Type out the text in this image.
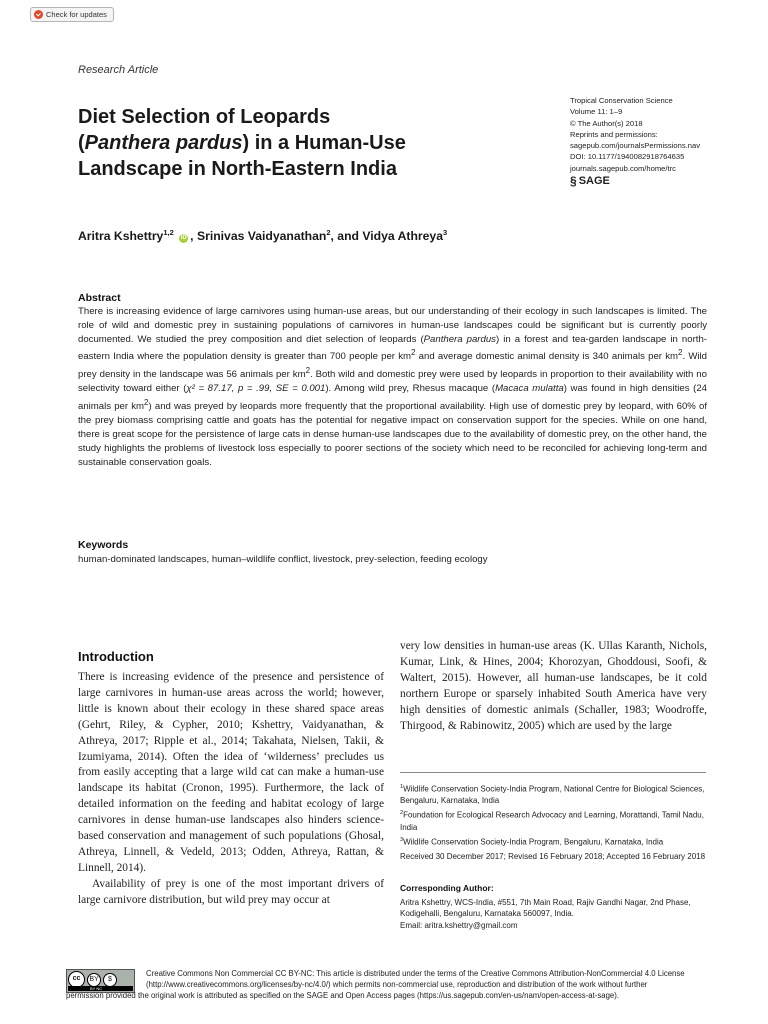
Check for updates
Research Article
Diet Selection of Leopards
(Panthera pardus) in a Human-Use
Landscape in North-Eastern India
Tropical Conservation Science
Volume 11: 1–9
© The Author(s) 2018
Reprints and permissions:
sagepub.com/journalsPermissions.nav
DOI: 10.1177/1940082918764635
journals.sagepub.com/home/trc
§ SAGE
Aritra Kshettry$^{1,2}$ iD , Srinivas Vaidyanathan$^2$, and Vidya Athreya$^3$
Abstract
There is increasing evidence of large carnivores using human-use areas, but our understanding of their ecology in such landscapes is limited. The role of wild and domestic prey in sustaining populations of carnivores in human-use landscapes could be significant but is currently poorly documented. We studied the prey composition and diet selection of leopards (Panthera pardus) in a forest and tea-garden landscape in north-eastern India where the population density is greater than 700 people per $km^2$ and average domestic animal density is 340 animals per $km^2$. Wild prey density in the landscape was 56 animals per $km^2$. Both wild and domestic prey were used by leopards in proportion to their availability with no selectivity toward either (χ² = 87.17, p = .99, SE = 0.001). Among wild prey, Rhesus macaque (Macaca mulatta) was found in high densities (24 animals per $km^2$) and was preyed by leopards more frequently that the proportional availability. High use of domestic prey by leopard, with 60% of the prey biomass comprising cattle and goats has the potential for negative impact on conservation support for the species. While on one hand, there is great scope for the persistence of large cats in dense human-use landscapes due to the availability of domestic prey, on the other hand, the study highlights the problems of livestock loss especially to poorer sections of the society which need to be reconciled for achieving long-term and sustainable conservation goals.
Keywords
human-dominated landscapes, human–wildlife conflict, livestock, prey-selection, feeding ecology
Introduction
There is increasing evidence of the presence and persistence of large carnivores in human-use areas across the world; however, little is known about their ecology in these shared space areas (Gehrt, Riley, & Cypher, 2010; Kshettry, Vaidyanathan, & Athreya, 2017; Ripple et al., 2014; Takahata, Nielsen, Takii, & Izumiyama, 2014). Often the idea of ‘wilderness’ precludes us from easily accepting that a large wild cat can make a human-use landscape its habitat (Cronon, 1995). Furthermore, the lack of detailed information on the feeding and habitat ecology of large carnivores in dense human-use landscapes also hinders science-based conservation and management of such populations (Ghosal, Athreya, Linnell, & Vedeld, 2013; Odden, Athreya, Rattan, & Linnell, 2014).
Availability of prey is one of the most important drivers of large carnivore distribution, but wild prey may occur at
very low densities in human-use areas (K. Ullas Karanth, Nichols, Kumar, Link, & Hines, 2004; Khorozyan, Ghoddousi, Soofi, & Waltert, 2015). However, all human-use landscapes, be it cold northern Europe or sparsely inhabited South America have very high densities of domestic animals (Schaller, 1983; Woodroffe, Thirgood, & Rabinowitz, 2005) which are used by the large
$^1$Wildlife Conservation Society-India Program, National Centre for Biological Sciences, Bengaluru, Karnataka, India
$^2$Foundation for Ecological Research Advocacy and Learning, Morattandi, Tamil Nadu, India
$^3$Wildlife Conservation Society-India Program, Bengaluru, Karnataka, India
Received 30 December 2017; Revised 16 February 2018; Accepted 16 February 2018
Corresponding Author:
Aritra Kshettry, WCS-India, #551, 7th Main Road, Rajiv Gandhi Nagar, 2nd Phase, Kodigehalli, Bengaluru, Karnataka 560097, India.
Email: aritra.kshettry@gmail.com
cc	BY	$
BY NC
Creative Commons Non Commercial CC BY-NC: This article is distributed under the terms of the Creative Commons Attribution-NonCommercial 4.0 License (http://www.creativecommons.org/licenses/by-nc/4.0/) which permits non-commercial use, reproduction and distribution of the work without further
permission provided the original work is attributed as specified on the SAGE and Open Access pages (https://us.sagepub.com/en-us/nam/open-access-at-sage).
